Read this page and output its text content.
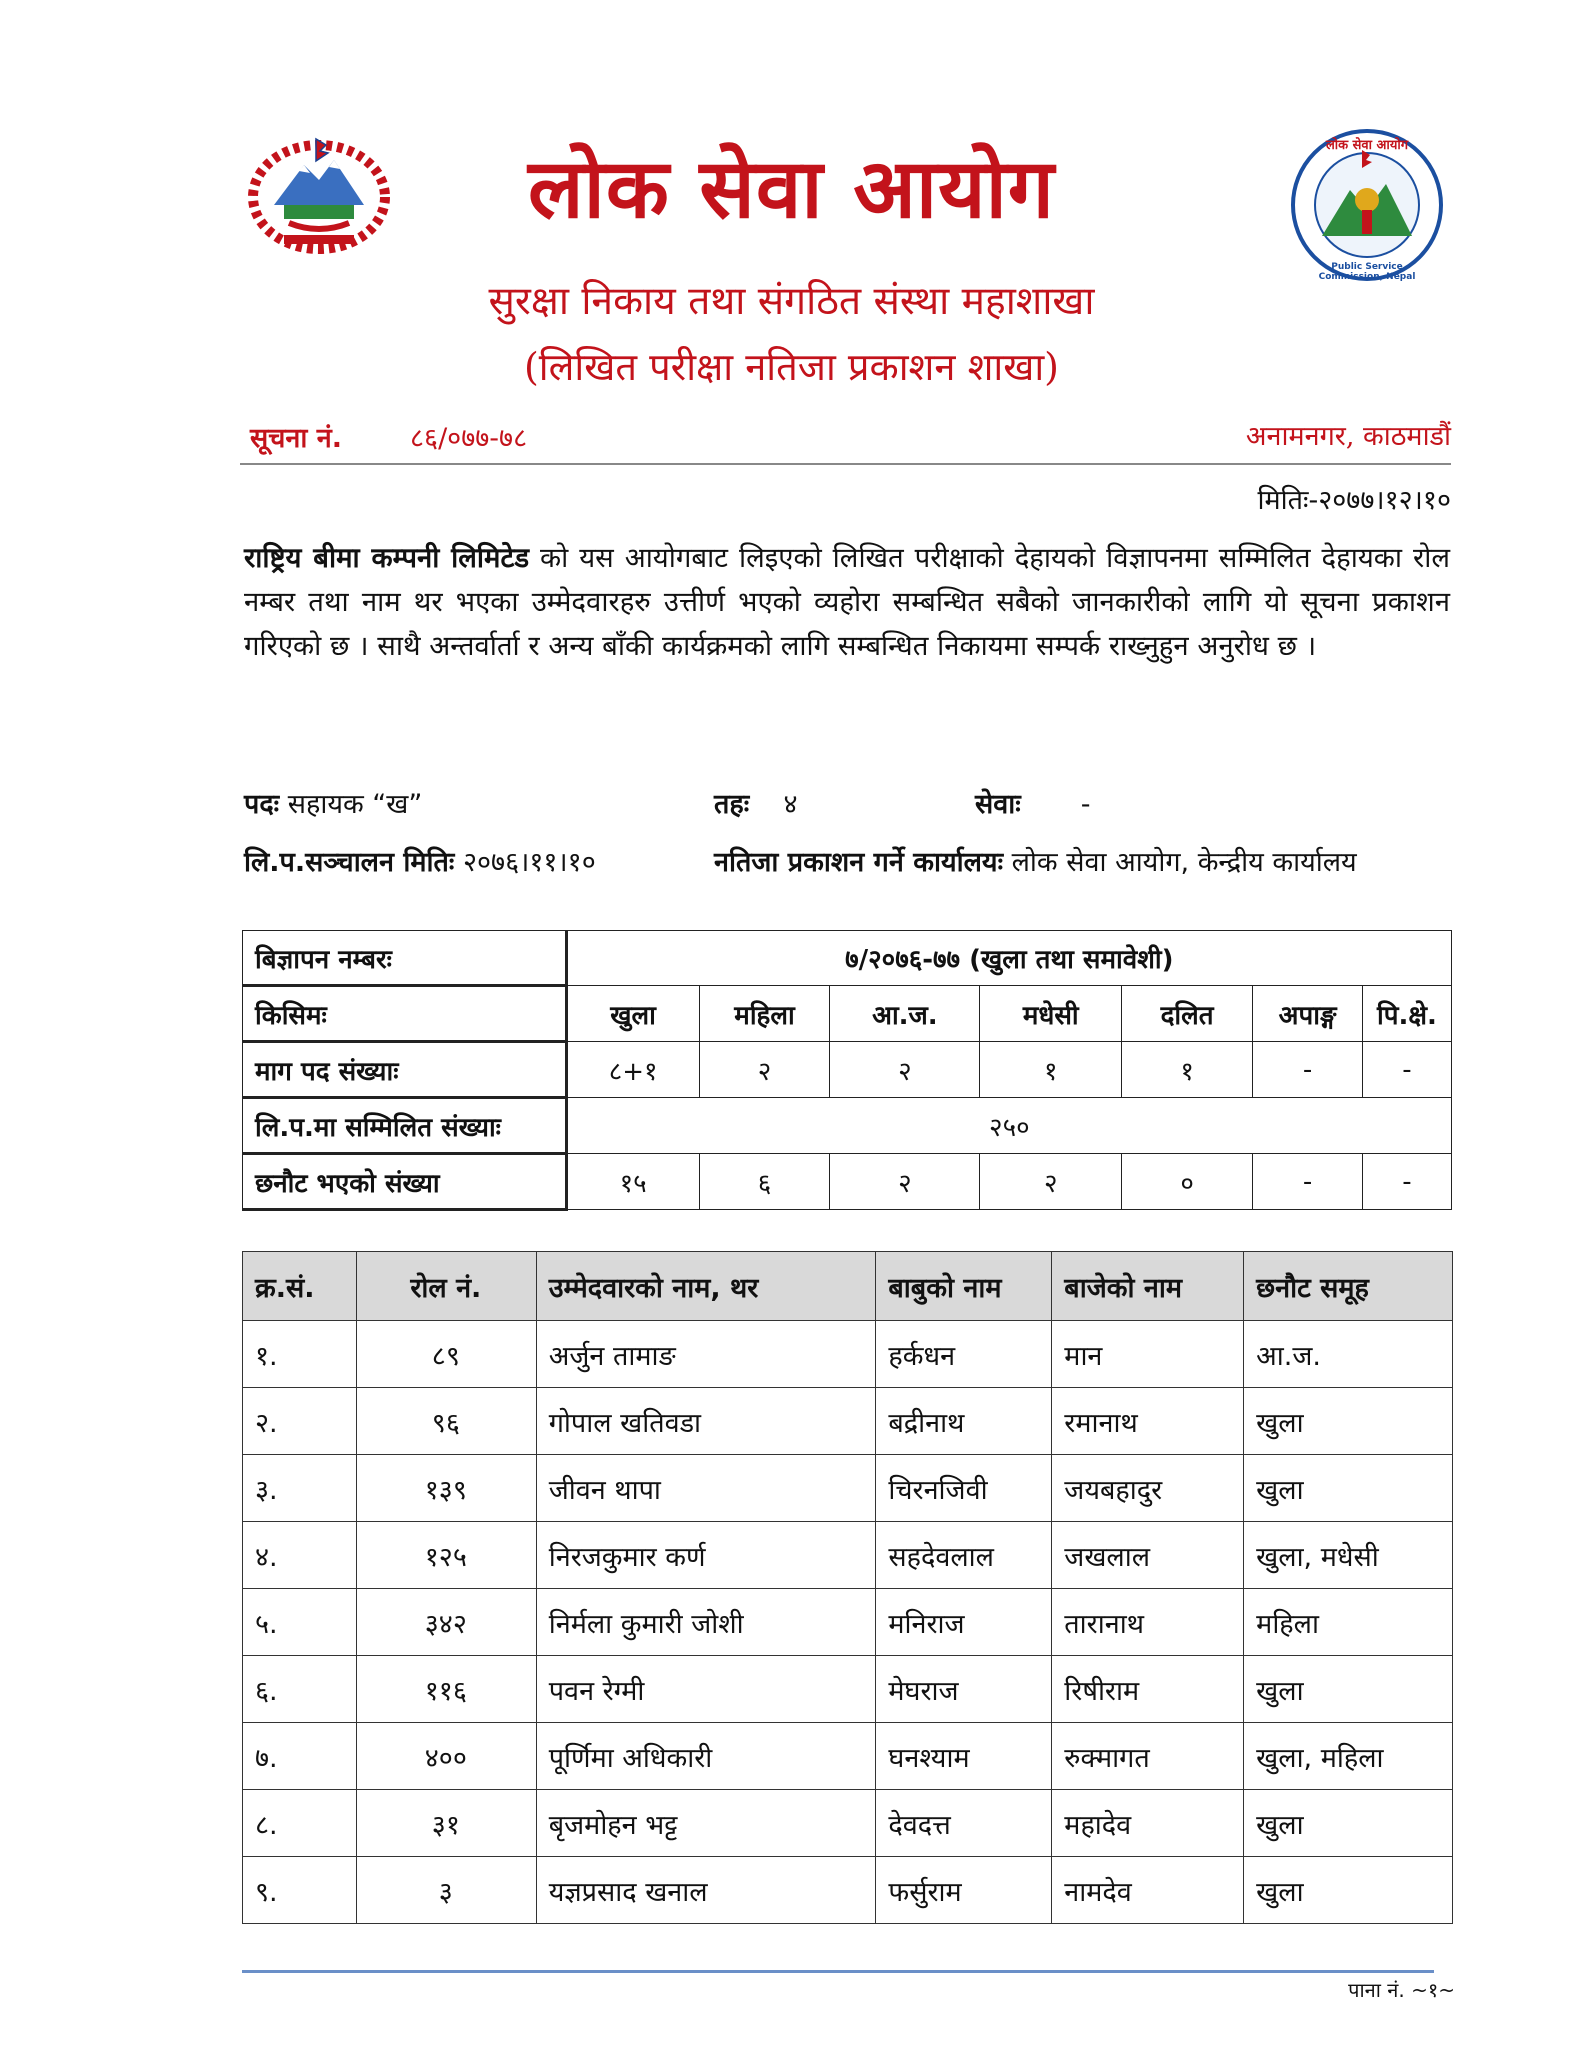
लोक सेवा आयोग
Public Service Commission, Nepal
लोक सेवा आयोग
सुरक्षा निकाय तथा संगठित संस्था महाशाखा
(लिखित परीक्षा नतिजा प्रकाशन शाखा)
सूचना नं.	८६/०७७-७८	अनामनगर, काठमाडौं
मितिः-२०७७।१२।१०
राष्ट्रिय बीमा कम्पनी लिमिटेड को यस आयोगबाट लिइएको लिखित परीक्षाको देहायको विज्ञापनमा सम्मिलित देहायका रोल नम्बर तथा नाम थर भएका उम्मेदवारहरु उत्तीर्ण भएको व्यहोरा सम्बन्धित सबैको जानकारीको लागि यो सूचना प्रकाशन गरिएको छ । साथै अन्तर्वार्ता र अन्य बाँकी कार्यक्रमको लागि सम्बन्धित निकायमा सम्पर्क राख्नुहुन अनुरोध छ ।
पदः सहायक “ख”	तहः ४	सेवाः -
लि.प.सञ्चालन मितिः २०७६।११।१०	नतिजा प्रकाशन गर्ने कार्यालयः लोक सेवा आयोग, केन्द्रीय कार्यालय
बिज्ञापन नम्बरः	७/२०७६-७७ (खुला तथा समावेशी)						
किसिमः	खुला	महिला	आ.ज.	मधेसी	दलित	अपाङ्ग	पि.क्षे.
माग पद संख्याः	८+१	२	२	१	१	-	-
लि.प.मा सम्मिलित संख्याः	२५०						
छनौट भएको संख्या	१५	६	२	२	०	-	-
क्र.सं.	रोल नं.	उम्मेदवारको नाम, थर	बाबुको नाम	बाजेको नाम	छनौट समूह
१.	८९	अर्जुन तामाङ	हर्कधन	मान	आ.ज.
२.	९६	गोपाल खतिवडा	बद्रीनाथ	रमानाथ	खुला
३.	१३९	जीवन थापा	चिरनजिवी	जयबहादुर	खुला
४.	१२५	निरजकुमार कर्ण	सहदेवलाल	जखलाल	खुला, मधेसी
५.	३४२	निर्मला कुमारी जोशी	मनिराज	तारानाथ	महिला
६.	११६	पवन रेग्मी	मेघराज	रिषीराम	खुला
७.	४००	पूर्णिमा अधिकारी	घनश्याम	रुक्मागत	खुला, महिला
८.	३१	बृजमोहन भट्ट	देवदत्त	महादेव	खुला
९.	३	यज्ञप्रसाद खनाल	फर्सुराम	नामदेव	खुला
पाना नं. ~१~
